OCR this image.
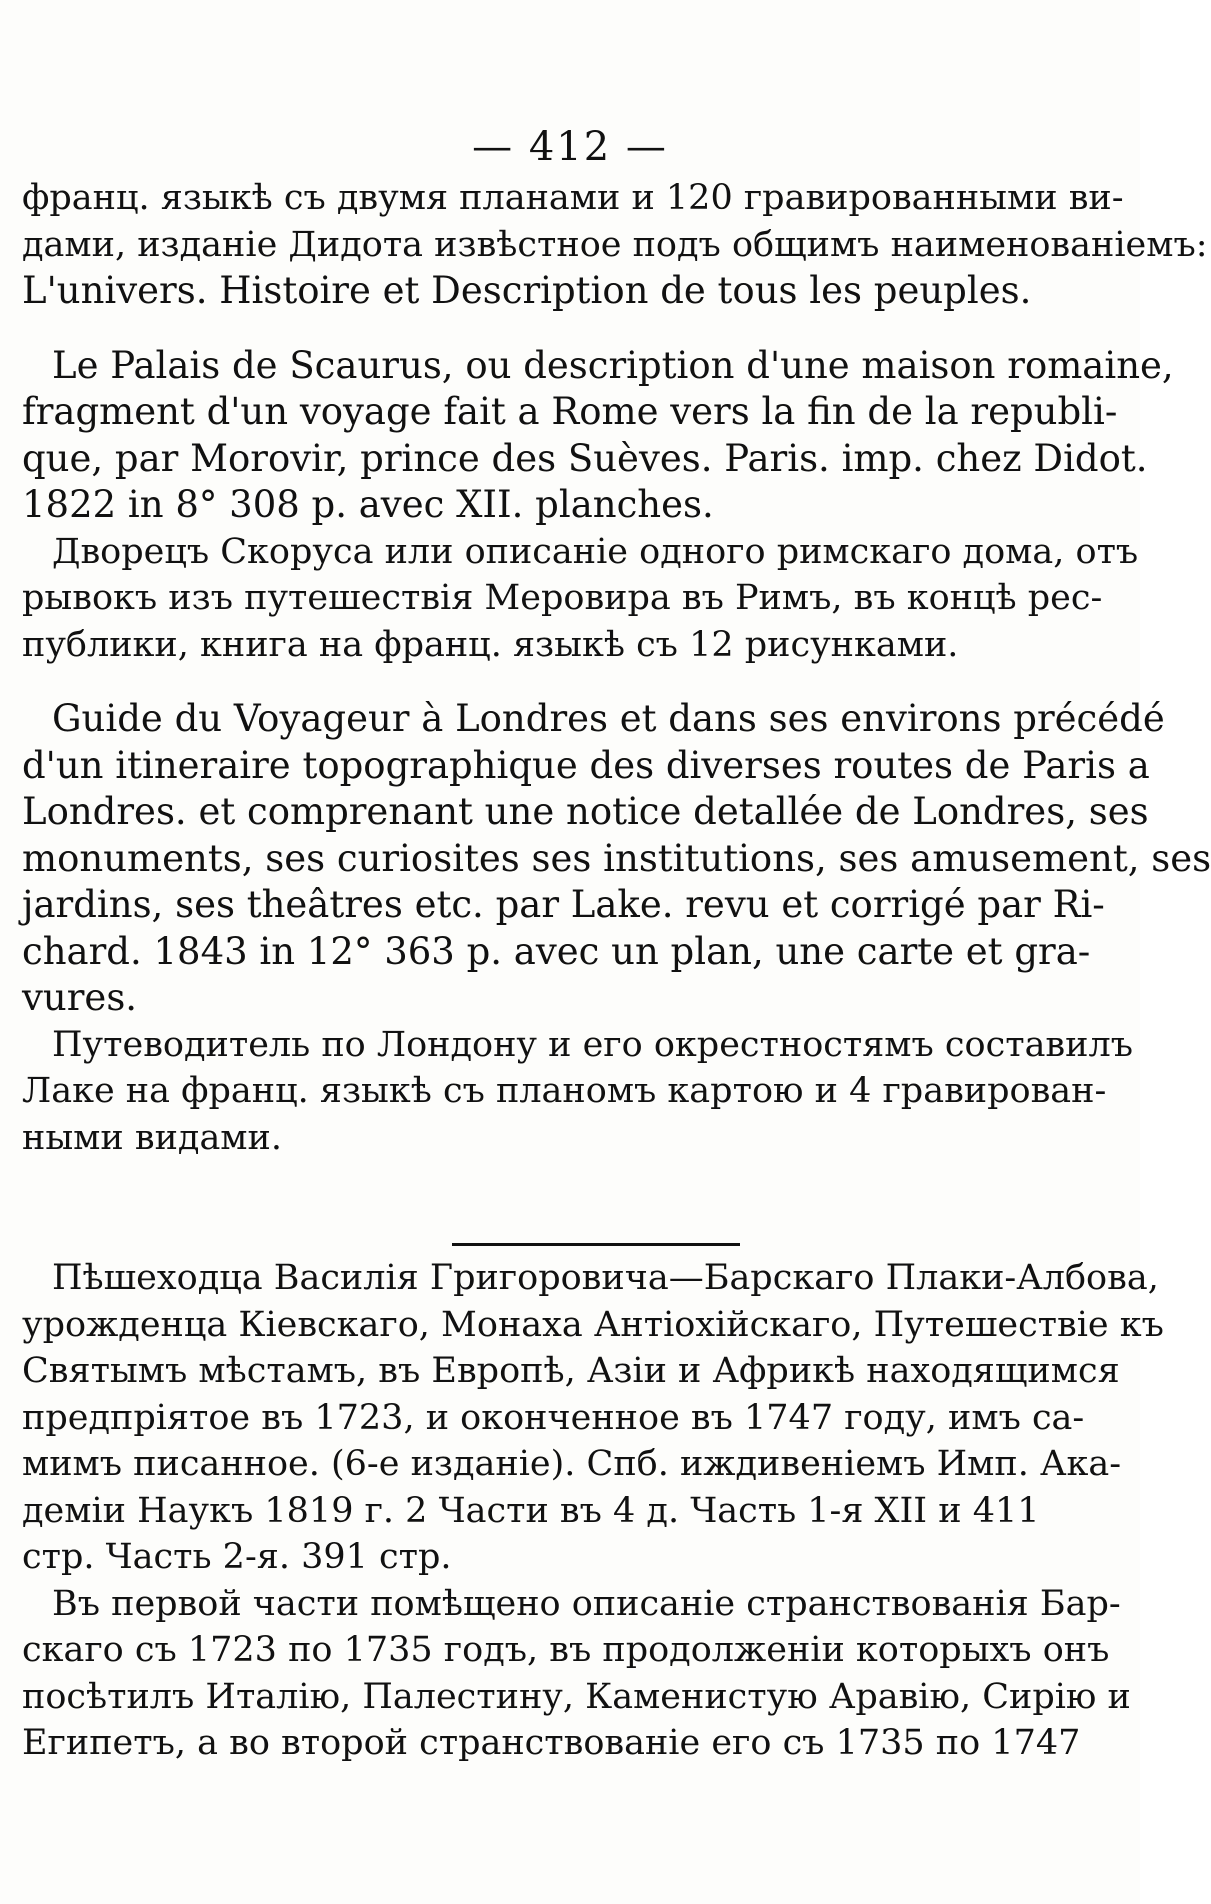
— 412 —
франц. языкѣ съ двумя планами и 120 гравированными ви-
дами, изданіе Дидота извѣстное подъ общимъ наименованіемъ:
L'univers. Histoire et Description de tous les peuples.
Le Palais de Scaurus, ou description d'une maison romaine,
fragment d'un voyage fait a Rome vers la fin de la republi-
que, par Morovir, prince des Suèves. Paris. imp. chez Didot.
1822 in 8° 308 p. avec XII. planches.
Дворецъ Скоруса или описаніе одного римскаго дома, отъ
рывокъ изъ путешествія Меровира въ Римъ, въ концѣ рес-
публики, книга на франц. языкѣ съ 12 рисунками.
Guide du Voyageur à Londres et dans ses environs précédé
d'un itineraire topographique des diverses routes de Paris a
Londres. et comprenant une notice detallée de Londres, ses
monuments, ses curiosites ses institutions, ses amusement, ses
jardins, ses theâtres etc. par Lake. revu et corrigé par Ri-
chard. 1843 in 12° 363 p. avec un plan, une carte et gra-
vures.
Путеводитель по Лондону и его окрестностямъ составилъ
Лаке на франц. языкѣ съ планомъ картою и 4 гравирован-
ными видами.
Пѣшеходца Василія Григоровича—Барскаго Плаки-Албова,
урожденца Кіевскаго, Монаха Антіохійскаго, Путешествіе къ
Святымъ мѣстамъ, въ Европѣ, Азіи и Африкѣ находящимся
предпріятое въ 1723, и оконченное въ 1747 году, имъ са-
мимъ писанное. (6-е изданіе). Спб. иждивеніемъ Имп. Ака-
деміи Наукъ 1819 г. 2 Части въ 4 д. Часть 1-я XII и 411
стр. Часть 2-я. 391 стр.
Въ первой части помѣщено описаніе странствованія Бар-
скаго съ 1723 по 1735 годъ, въ продолженіи которыхъ онъ
посѣтилъ Италію, Палестину, Каменистую Аравію, Сирію и
Египетъ, а во второй странствованіе его съ 1735 по 1747
